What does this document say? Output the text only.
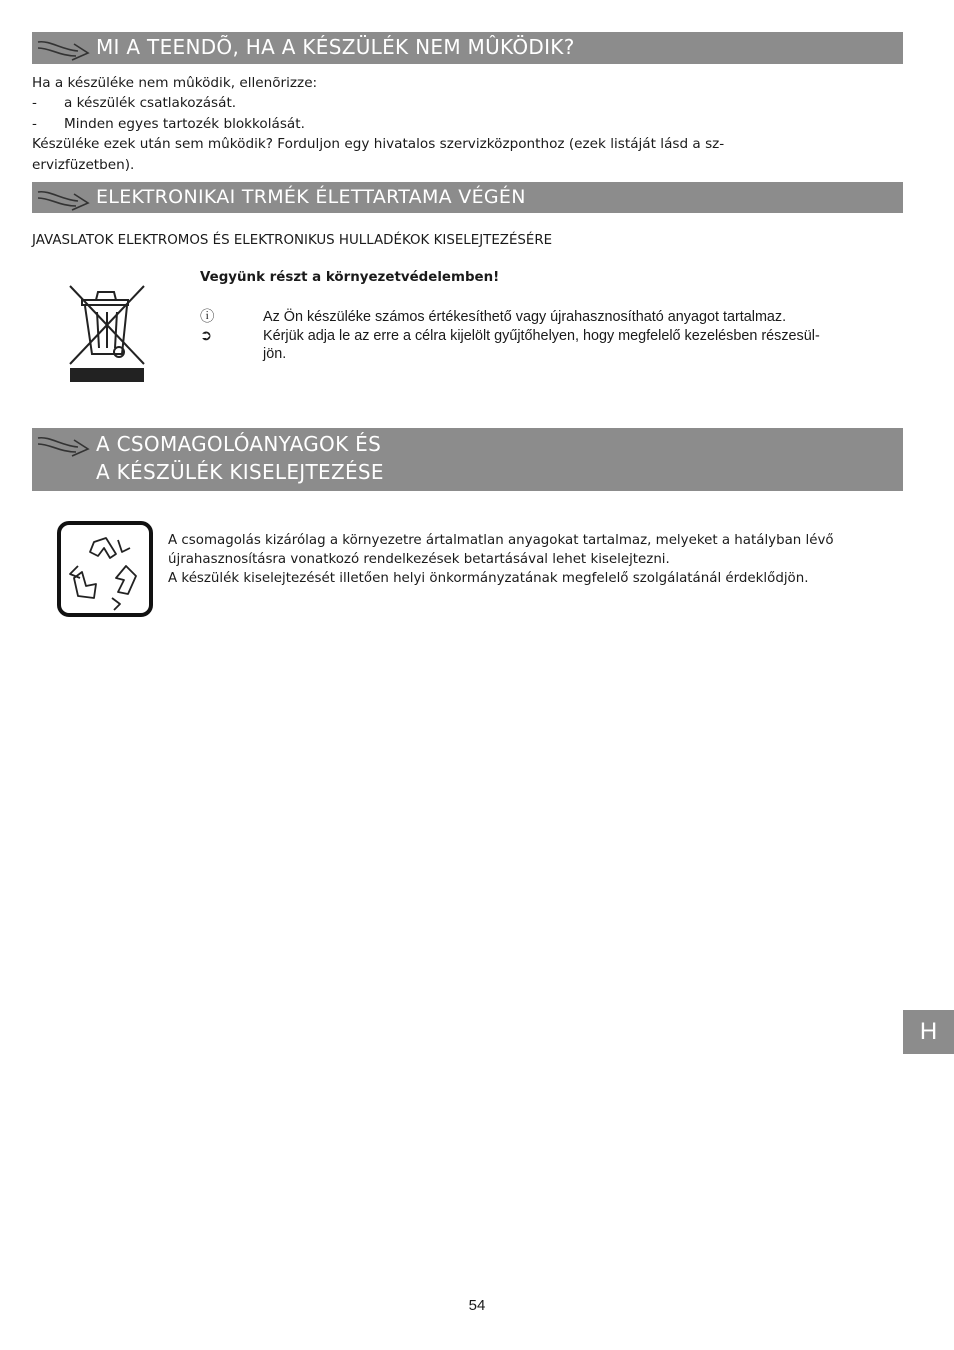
MI A TEENDÕ, HA A KÉSZÜLÉK NEM MÛKÖDIK?
Ha a készüléke nem mûködik, ellenõrizze:
- a készülék csatlakozását.
- Minden egyes tartozék blokkolását.
Készüléke ezek után sem mûködik? Forduljon egy hivatalos szervizközponthoz (ezek listáját lásd a sz-
ervizfüzetben).
ELEKTRONIKAI TRMÉK ÉLETTARTAMA VÉGÉN
JAVASLATOK ELEKTROMOS ÉS ELEKTRONIKUS HULLADÉKOK KISELEJTEZÉSÉRE
Vegyünk részt a környezetvédelemben!
ⓘ	Az Ön készüléke számos értékesíthető vagy újrahasznosítható anyagot tartalmaz.
➲	Kérjük adja le az erre a célra kijelölt gyűjtőhelyen, hogy megfelelő kezelésben részesül-
jön.
A CSOMAGOLÓANYAGOK ÉS
A KÉSZÜLÉK KISELEJTEZÉSE
A csomagolás kizárólag a környezetre ártalmatlan anyagokat tartalmaz, melyeket a hatályban lévő
újrahasznosításra vonatkozó rendelkezések betartásával lehet kiselejtezni.
A készülék kiselejtezését illetően helyi önkormányzatának megfelelő szolgálatánál érdeklődjön.
H
54
